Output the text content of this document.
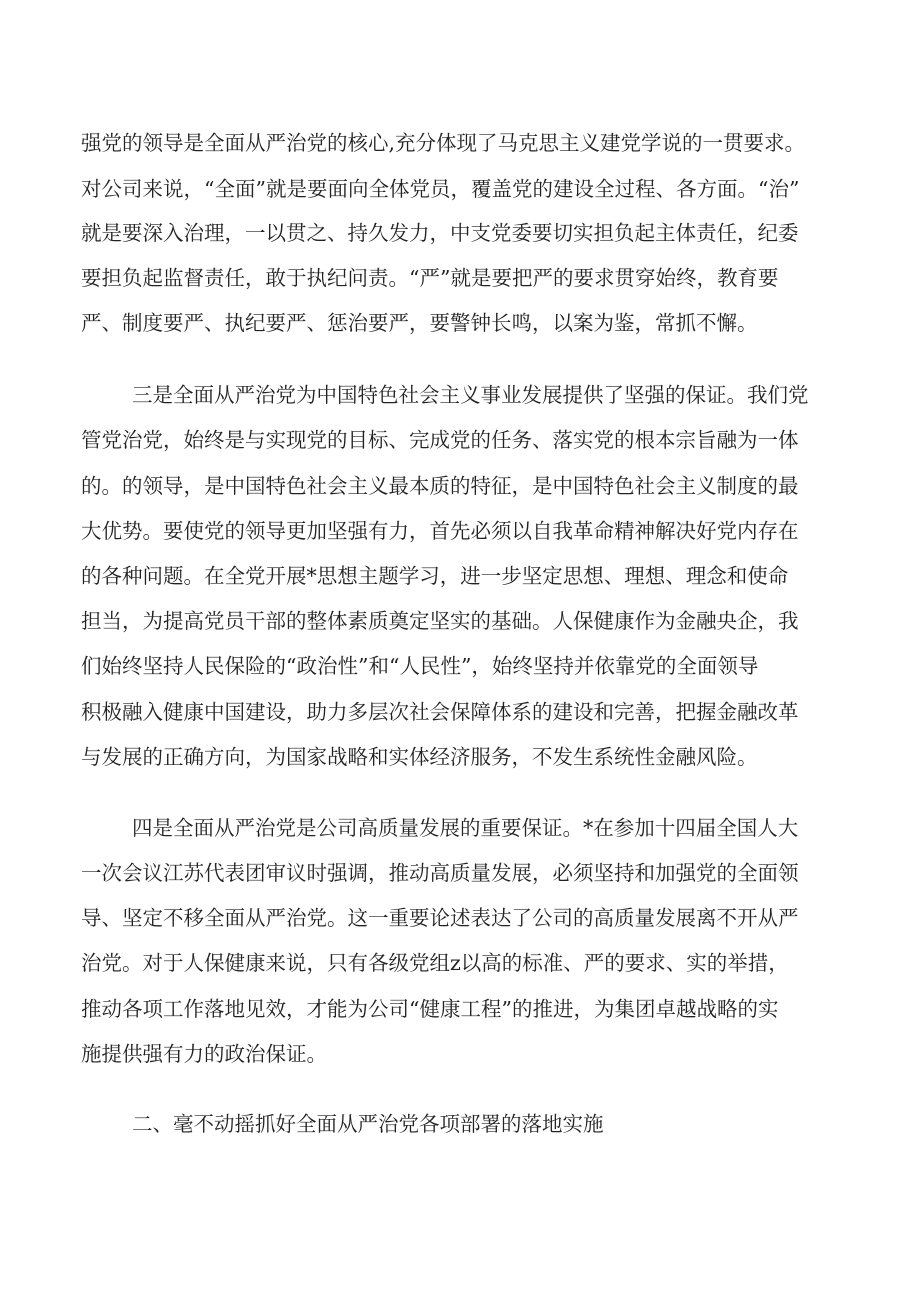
强党的领导是全面从严治党的核心,充分体现了马克思主义建党学说的一贯要求。
对公司来说，“全面”就是要面向全体党员，覆盖党的建设全过程、各方面。“治”
就是要深入治理，一以贯之、持久发力，中支党委要切实担负起主体责任，纪委
要担负起监督责任，敢于执纪问责。“严”就是要把严的要求贯穿始终，教育要
严、制度要严、执纪要严、惩治要严，要警钟长鸣，以案为鉴，常抓不懈。
三是全面从严治党为中国特色社会主义事业发展提供了坚强的保证。我们党
管党治党，始终是与实现党的目标、完成党的任务、落实党的根本宗旨融为一体
的。的领导，是中国特色社会主义最本质的特征，是中国特色社会主义制度的最
大优势。要使党的领导更加坚强有力，首先必须以自我革命精神解决好党内存在
的各种问题。在全党开展*思想主题学习，进一步坚定思想、理想、理念和使命
担当，为提高党员干部的整体素质奠定坚实的基础。人保健康作为金融央企，我
们始终坚持人民保险的“政治性”和“人民性”，始终坚持并依靠党的全面领导
积极融入健康中国建设，助力多层次社会保障体系的建设和完善，把握金融改革
与发展的正确方向，为国家战略和实体经济服务，不发生系统性金融风险。
四是全面从严治党是公司高质量发展的重要保证。*在参加十四届全国人大
一次会议江苏代表团审议时强调，推动高质量发展，必须坚持和加强党的全面领
导、坚定不移全面从严治党。这一重要论述表达了公司的高质量发展离不开从严
治党。对于人保健康来说，只有各级党组z以高的标准、严的要求、实的举措，
推动各项工作落地见效，才能为公司“健康工程”的推进，为集团卓越战略的实
施提供强有力的政治保证。
二、毫不动摇抓好全面从严治党各项部署的落地实施
